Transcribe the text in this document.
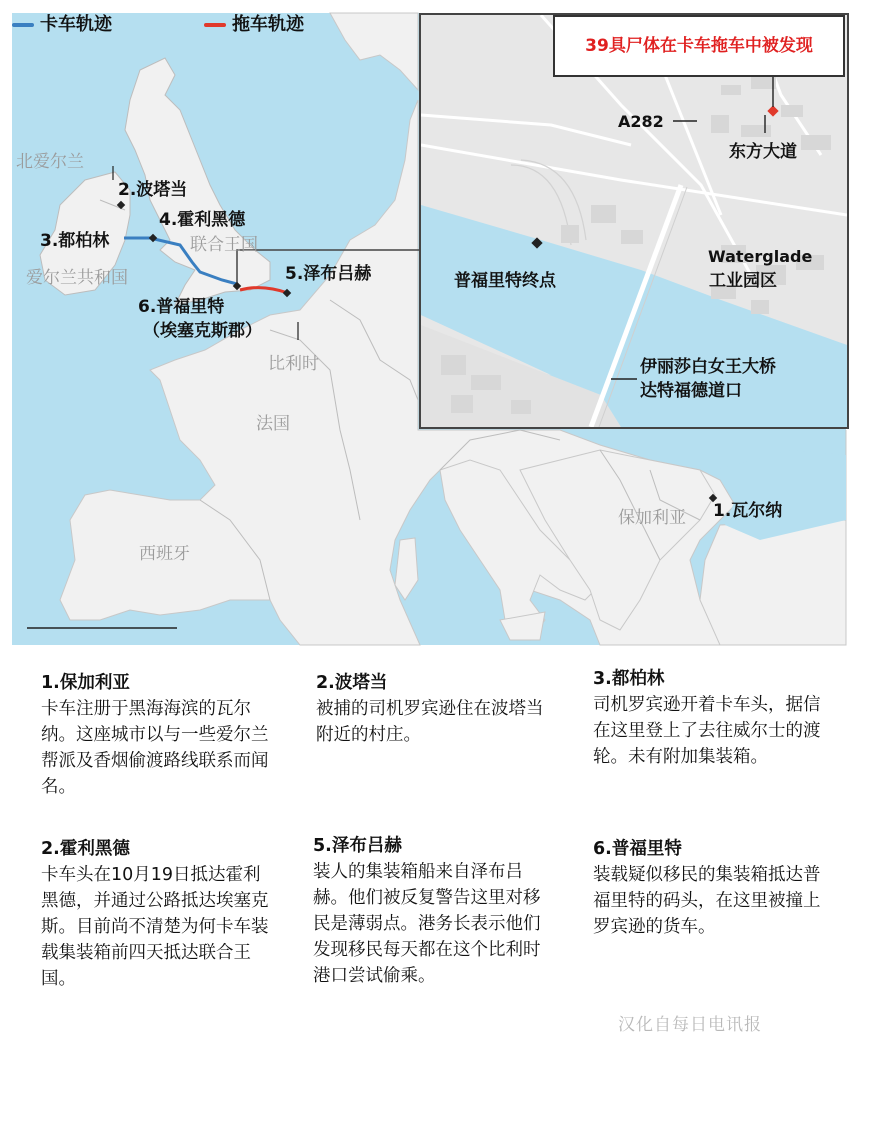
卡车轨迹	拖车轨迹
北爱尔兰
2.波塔当
4.霍利黑德
3.都柏林	联合王国
爱尔兰共和国	5.泽布吕赫
6.普福里特
（埃塞克斯郡）
比利时
法国
保加利亚 1.瓦尔纳
西班牙
39具尸体在卡车拖车中被发现
A282
东方大道
普福里特终点
Waterglade
工业园区
伊丽莎白女王大桥
达特福德道口
1.保加利亚

卡车注册于黑海海滨的瓦尔纳。这座城市以与一些爱尔兰帮派及香烟偷渡路线联系而闻名。

2.波塔当

被捕的司机罗宾逊住在波塔当附近的村庄。

3.都柏林

司机罗宾逊开着卡车头，据信在这里登上了去往威尔士的渡轮。未有附加集装箱。

2.霍利黑德

卡车头在10月19日抵达霍利黑德，并通过公路抵达埃塞克斯。目前尚不清楚为何卡车装载集装箱前四天抵达联合王国。

5.泽布吕赫

装人的集装箱船来自泽布吕赫。他们被反复警告这里对移民是薄弱点。港务长表示他们发现移民每天都在这个比利时港口尝试偷乘。

6.普福里特

装载疑似移民的集装箱抵达普福里特的码头，在这里被撞上罗宾逊的货车。

汉化自每日电讯报
